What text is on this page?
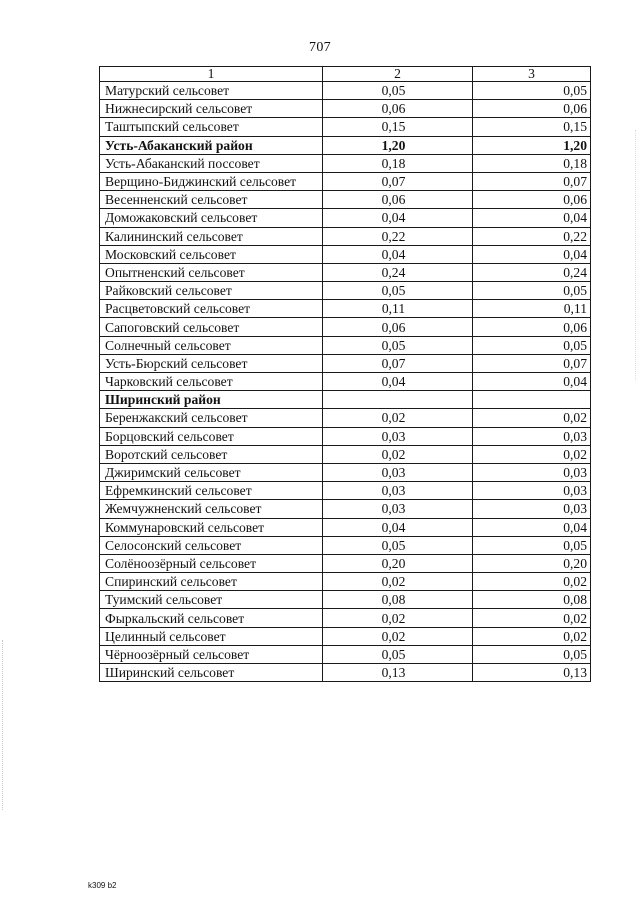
707
1	2	3
Матурский сельсовет	0,05	0,05
Нижнесирский сельсовет	0,06	0,06
Таштыпский сельсовет	0,15	0,15
Усть-Абаканский район	1,20	1,20
Усть-Абаканский поссовет	0,18	0,18
Верщино-Биджинский сельсовет	0,07	0,07
Весенненский сельсовет	0,06	0,06
Доможаковский сельсовет	0,04	0,04
Калининский сельсовет	0,22	0,22
Московский сельсовет	0,04	0,04
Опытненский сельсовет	0,24	0,24
Райковский сельсовет	0,05	0,05
Расцветовский сельсовет	0,11	0,11
Сапоговский сельсовет	0,06	0,06
Солнечный сельсовет	0,05	0,05
Усть-Бюрский сельсовет	0,07	0,07
Чарковский сельсовет	0,04	0,04
Ширинский район		
Беренжакский сельсовет	0,02	0,02
Борцовский сельсовет	0,03	0,03
Воротский сельсовет	0,02	0,02
Джиримский сельсовет	0,03	0,03
Ефремкинский сельсовет	0,03	0,03
Жемчужненский сельсовет	0,03	0,03
Коммунаровский сельсовет	0,04	0,04
Селосонский сельсовет	0,05	0,05
Солёноозёрный сельсовет	0,20	0,20
Спиринский сельсовет	0,02	0,02
Туимский сельсовет	0,08	0,08
Фыркальский сельсовет	0,02	0,02
Целинный сельсовет	0,02	0,02
Чёрноозёрный сельсовет	0,05	0,05
Ширинский сельсовет	0,13	0,13
k309 b2
